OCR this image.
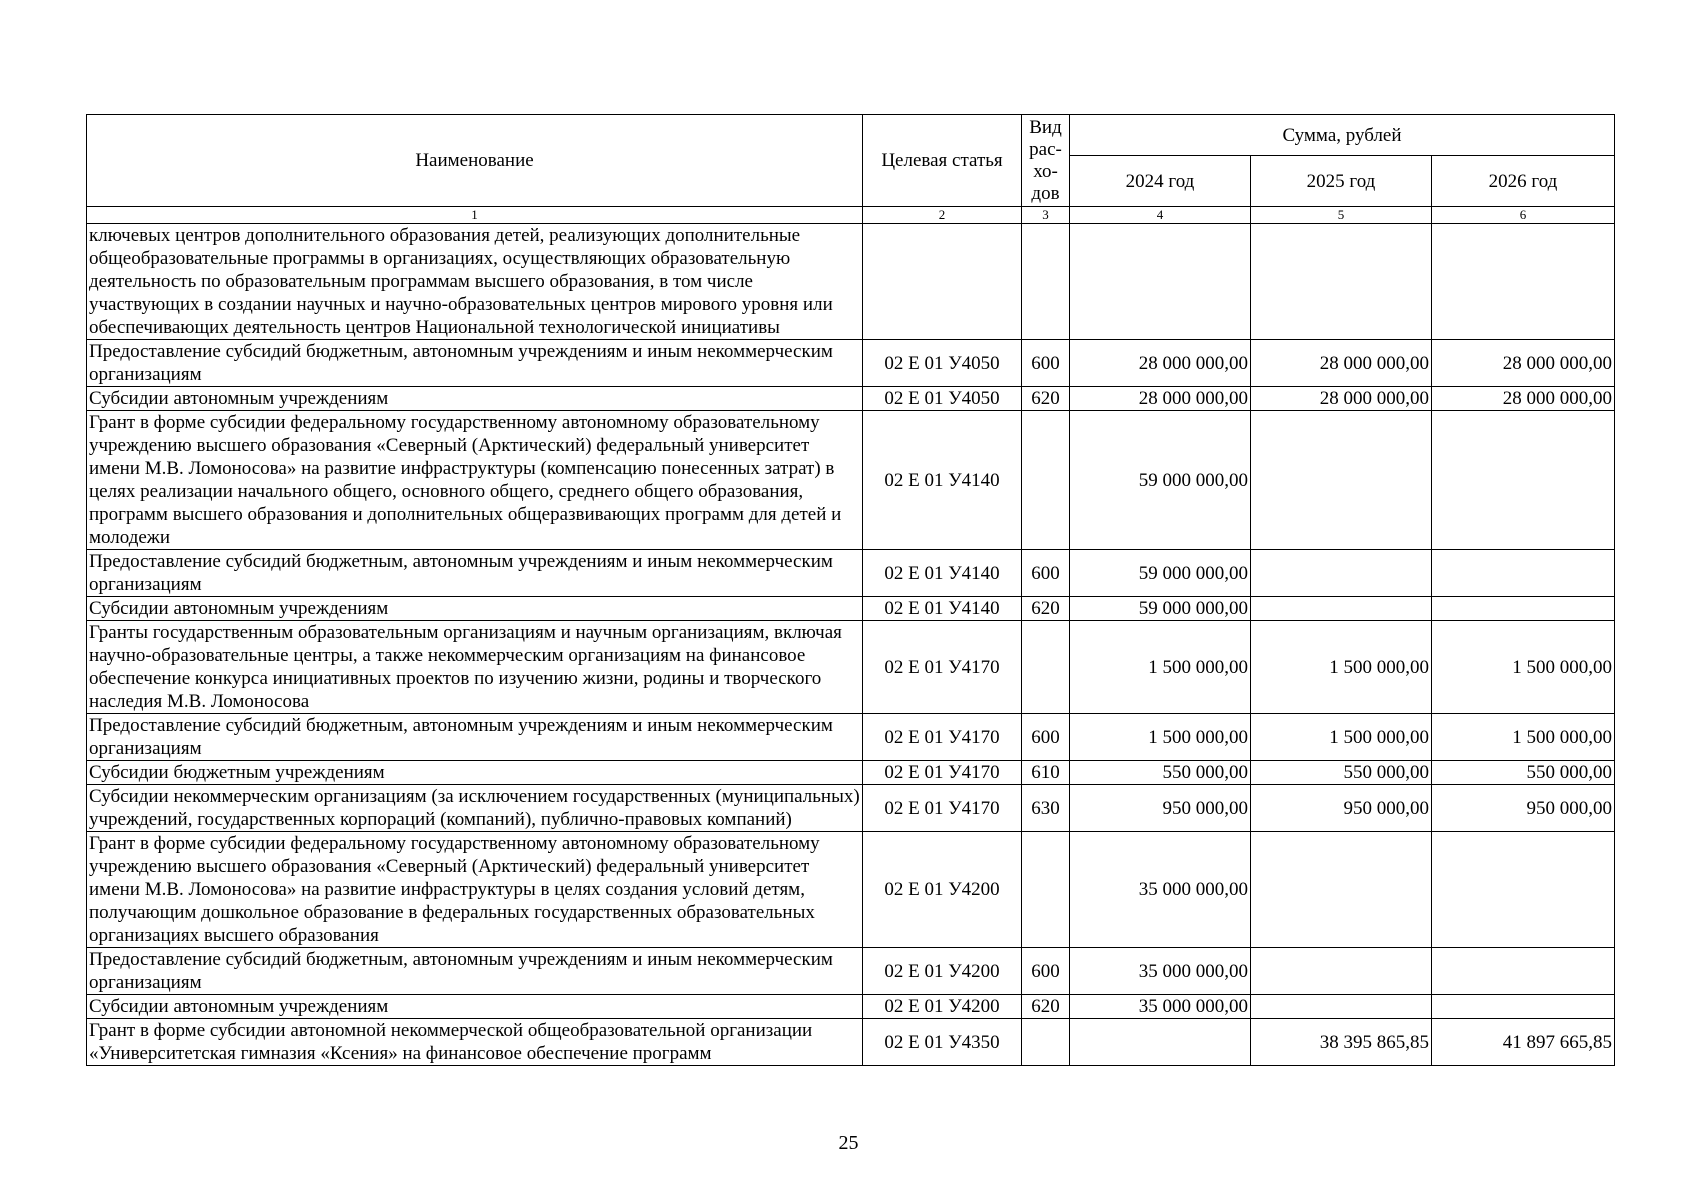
Наименование	Целевая статья	Вид
рас-
хо-
дов	Сумма, рублей		
			2024 год	2025 год	2026 год
1	2	3	4	5	6
ключевых центров дополнительного образования детей, реализующих дополнительные общеобразовательные программы в организациях, осуществляющих образовательную деятельность по образовательным программам высшего образования, в том числе участвующих в создании научных и научно-образовательных центров мирового уровня или обеспечивающих деятельность центров Национальной технологической инициативы					
Предоставление субсидий бюджетным, автономным учреждениям и иным некоммерческим организациям	02 Е 01 У4050	600	28 000 000,00	28 000 000,00	28 000 000,00
Субсидии автономным учреждениям	02 Е 01 У4050	620	28 000 000,00	28 000 000,00	28 000 000,00
Грант в форме субсидии федеральному государственному автономному образовательному учреждению высшего образования «Северный (Арктический) федеральный университет имени М.В. Ломоносова» на развитие инфраструктуры (компенсацию понесенных затрат) в целях реализации начального общего, основного общего, среднего общего образования, программ высшего образования и дополнительных общеразвивающих программ для детей и молодежи	02 Е 01 У4140		59 000 000,00		
Предоставление субсидий бюджетным, автономным учреждениям и иным некоммерческим организациям	02 Е 01 У4140	600	59 000 000,00		
Субсидии автономным учреждениям	02 Е 01 У4140	620	59 000 000,00		
Гранты государственным образовательным организациям и научным организациям, включая научно-образовательные центры, а также некоммерческим организациям на финансовое обеспечение конкурса инициативных проектов по изучению жизни, родины и творческого наследия М.В. Ломоносова	02 Е 01 У4170		1 500 000,00	1 500 000,00	1 500 000,00
Предоставление субсидий бюджетным, автономным учреждениям и иным некоммерческим организациям	02 Е 01 У4170	600	1 500 000,00	1 500 000,00	1 500 000,00
Субсидии бюджетным учреждениям	02 Е 01 У4170	610	550 000,00	550 000,00	550 000,00
Субсидии некоммерческим организациям (за исключением государственных (муниципальных) учреждений, государственных корпораций (компаний), публично-правовых компаний)	02 Е 01 У4170	630	950 000,00	950 000,00	950 000,00
Грант в форме субсидии федеральному государственному автономному образовательному учреждению высшего образования «Северный (Арктический) федеральный университет имени М.В. Ломоносова» на развитие инфраструктуры в целях создания условий детям, получающим дошкольное образование в федеральных государственных образовательных организациях высшего образования	02 Е 01 У4200		35 000 000,00		
Предоставление субсидий бюджетным, автономным учреждениям и иным некоммерческим организациям	02 Е 01 У4200	600	35 000 000,00		
Субсидии автономным учреждениям	02 Е 01 У4200	620	35 000 000,00		
Грант в форме субсидии автономной некоммерческой общеобразовательной организации «Университетская гимназия «Ксения» на финансовое обеспечение программ	02 Е 01 У4350			38 395 865,85	41 897 665,85
25
